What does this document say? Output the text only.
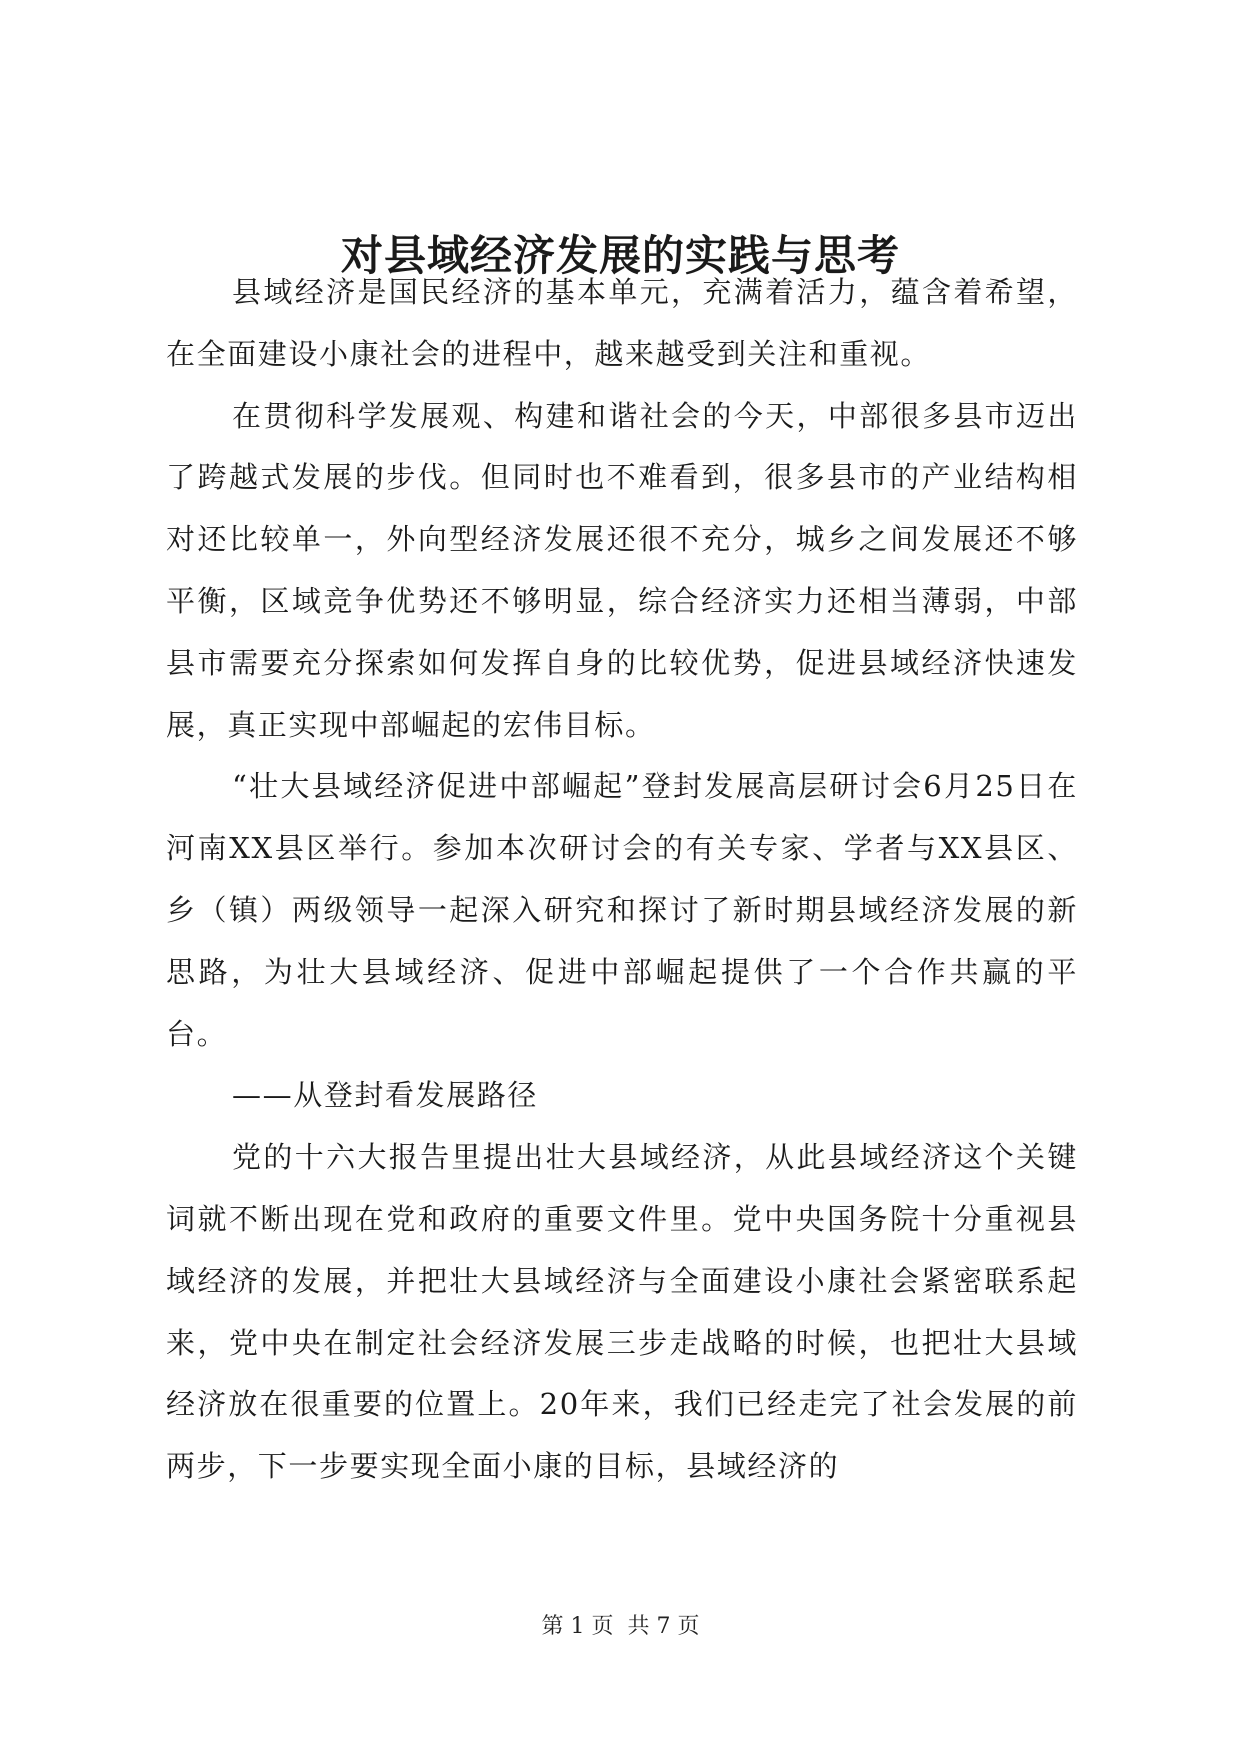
对县域经济发展的实践与思考

县域经济是国民经济的基本单元，充满着活力，蕴含着希望，在全面建设小康社会的进程中，越来越受到关注和重视。

在贯彻科学发展观、构建和谐社会的今天，中部很多县市迈出了跨越式发展的步伐。但同时也不难看到，很多县市的产业结构相对还比较单一，外向型经济发展还很不充分，城乡之间发展还不够平衡，区域竞争优势还不够明显，综合经济实力还相当薄弱，中部县市需要充分探索如何发挥自身的比较优势，促进县域经济快速发展，真正实现中部崛起的宏伟目标。

“壮大县域经济促进中部崛起”登封发展高层研讨会6月25日在河南XX县区举行。参加本次研讨会的有关专家、学者与XX县区、乡（镇）两级领导一起深入研究和探讨了新时期县域经济发展的新思路，为壮大县域经济、促进中部崛起提供了一个合作共赢的平台。

——从登封看发展路径

党的十六大报告里提出壮大县域经济，从此县域经济这个关键词就不断出现在党和政府的重要文件里。党中央国务院十分重视县域经济的发展，并把壮大县域经济与全面建设小康社会紧密联系起来，党中央在制定社会经济发展三步走战略的时候，也把壮大县域经济放在很重要的位置上。20年来，我们已经走完了社会发展的前两步，下一步要实现全面小康的目标，县域经济的

第 1 页  共 7 页
